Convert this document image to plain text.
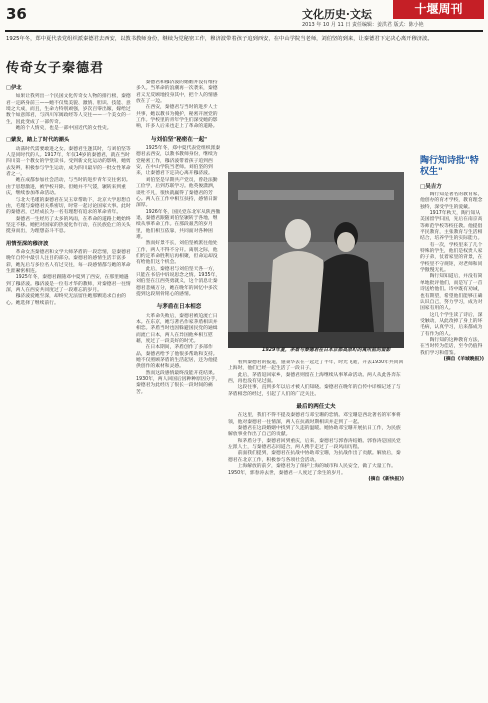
36	文化历史·文坛	十堰周刊
2013 年 10 月 11 日 责任编辑：姜洪君 版式：陈小艳
1925年冬，郑中夏代表党组织派秦德君去西安，以教书教师身份，继续为党秘密工作，穆济波带着孩子追到西安，在中山学院当老师，刘伯坚的到来，让秦德君下定决心离开穆济波。
传奇女子秦德君
□伊北
如果让我列出一个民国文化传奇女人物的排行榜，秦德君一定跻身前三——她不仅集美貌、激情、胆识、技能、意境之大成，而且，生命力特别顽强，岁次百零出嫁，嫁给过数个如意郎君，与四川军阀政经等人交往——一个美女的一生，因此变成了一部传奇。
她的个人情史，也是一部中国近代的女性史。
□蒙发，踏上了时代的潮头
动荡时代需要敢进之女。秦德君生逢其时，与刘伯坚等人是同时代的人。1917年，年仅14岁的秦德君，就在当时四川第一个教女的学堂读书。受到新文化运动的影响，她剪去发辫，积极参与学生运动，成为四川最早的一批女性革命者之一。
她在成都参加社会活动，与当时的进步青年交往密切。由于思想激进，被学校开除。但她并不气馁，辗转来到重庆，继续参加革命活动。
与北大毛瑾的秦德君在吴玉章帮助下，北京大学思想自由，毛瑾与秦德君关系密切，时常一起讨论国家大事。此时的秦德君，已经成长为一名有理想有追求的革命青年。
秦德君一生经历了太多的风雨，在革命的道路上她始终坚定不移。她把对国家的热爱化作行动，在民族危亡的关头挺身而出，为理想奋斗不息。
用情至深的穆济波
革命女杰秦德君和文学大师茅盾的一段恋情，是秦德君晚年自传中最引人注目的部分。秦德君的感情生活丰富多彩，她先后与多位名人有过交往，每一段感情都与她的革命生涯紧密相连。
1925年冬，秦德君跟随邓中夏到了西安，在那里她遇到了穆济波。穆济波是一位有才华的教师，对秦德君一往情深，两人在西安共同度过了一段难忘的岁月。
穆济波爱她至深，却终究无法留住她那颗追求自由的心。她选择了继续前行。
秦德君和穆济波的婚姻并没有维持多久。当革命的浪潮再一次袭来，秦德君义无反顾地投身其中，把个人的情感放在了一边。
在西安，秦德君与当时的进步人士共事，她以教书为掩护，秘密开展党的工作。学校里的青年学生们深受她的影响，许多人后来也走上了革命的道路。
与刘伯坚"秘密在一起"
1925年冬，郑中夏代表党组织派秦德君去西安，以教书教师身份，继续为党秘密工作，穆济波带着孩子追到西安，在中山学院当老师。刘伯坚的到来，让秦德君下定决心离开穆济波。
刘伯坚是早期共产党员，曾赴法勤工俭学，后到苏联学习。他英俊潇洒，谈吐不凡，很快就赢得了秦德君的芳心。两人在工作中相互扶持，感情日渐深厚。
1926年冬，国民党东北军从陕西撤退，秦德君跟随刘伯坚辗转于各地，继续从事革命工作。在那段艰苦的岁月里，他们相互依靠，共同面对各种困难。
然而好景不长，刘伯坚被派往他处工作，两人不得不分开。离别之际，他们约定革命胜利后再相聚，但命运却没有给他们这个机会。
此后，秦德君与刘伯坚天各一方，只能在书信中诉说思念之情。1935年，刘伯坚在江西英勇就义，这个消息让秦德君悲痛万分，她在晚年的回忆中多次提到这段刻骨铭心的感情。
与茅盾在日本相恋
大革命失败后，秦德君被迫流亡日本。在东京，她与著名作家茅盾相识并相恋。茅盾当时也因躲避国民党的通缉而流亡日本，两人在异国他乡相互慰藉，度过了一段美好的时光。
在日本期间，茅盾创作了多部作品，秦德君给予了他很多帮助和支持。她不仅照顾茅盾的生活起居，还为他提供创作的素材和灵感。
然而这段感情最终没能开花结果。1930年，两人回国后因种种原因分手，秦德君为此经历了很长一段时间的痛苦。
1929年夏，茅盾与秦德君在日本京都高原町的寓所前的留影
看到秦德君的报道，施秉华去在一起过了半年，时光飞逝，开去1930年共同回上海时，他们已经一起生活了一段日子。
此后，茅盾返回家乡，秦德君则留在上海继续从事革命活动。两人从此各奔东西，再也没有见过面。
这段往事，直到多年以后才被人们知晓。秦德君在晚年的自传中详细记述了与茅盾相恋的经过，引起了人们的广泛关注。
最后的两任丈夫
在这里，我们不得不提及秦德君与邓宝珊的恋情。邓宝珊是西北著名的军事将领，他对秦德君一往情深，两人在抗战时期相识并走到了一起。
秦德君在这段婚姻中找到了久违的温暖。她协助邓宝珊开展抗日工作，为民族解放事业作出了自己的贡献。
和茅盾分手，秦德君回到重庆，后来，秦德君与郭春涛结婚。郭春涛是国民党左派人士，与秦德君志同道合，两人携手走过了一段风雨历程。
前面我们提到，秦德君在抗战中协助邓宝珊，为抗战作出了贡献。解放后，秦德君在北京工作，积极参与各项社会活动。
上海解放的前夕，秦德君为了保护上海的城市和人民安全，做了大量工作。1950年，郭春涛去世，秦德君一人度过了余生的岁月。
(摘自《新快报》)
陶行知诗批"特权生"
□吴吉方
陶行知是著名的教育家，他创办的育才学校，教育理念独特，深受学生的爱戴。
1917年秋天，陶行知从美国留学归国，先后在南京高等师范学校等校任教。他提倡平民教育，主张教育与生活相结合，培养学生的实际能力。
有一次，学校里来了几个特殊的学生，他们是权贵人家的子弟，仗着家里的背景，在学校里不守规矩，对老师和同学傲慢无礼。
陶行知知道后，并没有简单地批评他们，而是写了一首诗送给他们。诗中既有劝诫，也有期望，希望他们能够正确认识自己，努力学习，成为对国家有用的人。
这几个学生读了诗后，深受触动，从此改掉了身上的坏毛病，认真学习，后来都成为了有作为的人。
陶行知的这种教育方法，在当时传为佳话，至今仍值得我们学习和借鉴。
(摘自《羊城晚报》)
